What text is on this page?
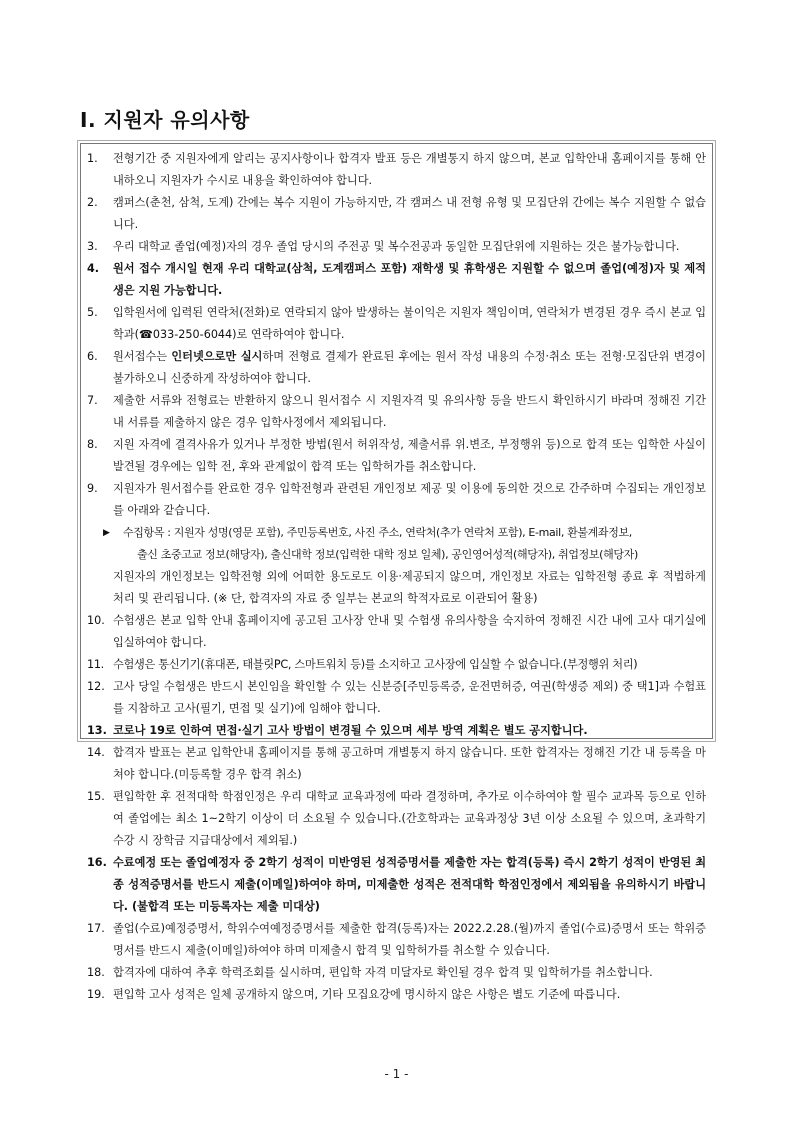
Ⅰ. 지원자 유의사항
1.	전형기간 중 지원자에게 알리는 공지사항이나 합격자 발표 등은 개별통지 하지 않으며, 본교 입학안내 홈페이지를 통해 안내하오니 지원자가 수시로 내용을 확인하여야 합니다.
2.	캠퍼스(춘천, 삼척, 도계) 간에는 복수 지원이 가능하지만, 각 캠퍼스 내 전형 유형 및 모집단위 간에는 복수 지원할 수 없습니다.
3.	우리 대학교 졸업(예정)자의 경우 졸업 당시의 주전공 및 복수전공과 동일한 모집단위에 지원하는 것은 불가능합니다.
4.	원서 접수 개시일 현재 우리 대학교(삼척, 도계캠퍼스 포함) 재학생 및 휴학생은 지원할 수 없으며 졸업(예정)자 및 제적생은 지원 가능합니다.
5.	입학원서에 입력된 연락처(전화)로 연락되지 않아 발생하는 불이익은 지원자 책임이며, 연락처가 변경된 경우 즉시 본교 입학과(☎033-250-6044)로 연락하여야 합니다.
6.	원서접수는 인터넷으로만 실시하며 전형료 결제가 완료된 후에는 원서 작성 내용의 수정·취소 또는 전형·모집단위 변경이 불가하오니 신중하게 작성하여야 합니다.
7.	제출한 서류와 전형료는 반환하지 않으니 원서접수 시 지원자격 및 유의사항 등을 반드시 확인하시기 바라며 정해진 기간 내 서류를 제출하지 않은 경우 입학사정에서 제외됩니다.
8.	지원 자격에 결격사유가 있거나 부정한 방법(원서 허위작성, 제출서류 위.변조, 부정행위 등)으로 합격 또는 입학한 사실이 발견될 경우에는 입학 전, 후와 관계없이 합격 또는 입학허가를 취소합니다.
9.	지원자가 원서접수를 완료한 경우 입학전형과 관련된 개인정보 제공 및 이용에 동의한 것으로 간주하며 수집되는 개인정보를 아래와 같습니다.
▶ 수집항목 : 지원자 성명(영문 포함), 주민등록번호, 사진 주소, 연락처(추가 연락처 포함), E-mail, 환불계좌정보,
출신 초중고교 정보(해당자), 출신대학 정보(입력한 대학 정보 일체), 공인영어성적(해당자), 취업정보(해당자)
지원자의 개인정보는 입학전형 외에 어떠한 용도로도 이용·제공되지 않으며, 개인정보 자료는 입학전형 종료 후 적법하게 처리 및 관리됩니다. (※ 단, 합격자의 자료 중 일부는 본교의 학적자료로 이관되어 활용)
10. 수험생은 본교 입학 안내 홈페이지에 공고된 고사장 안내 및 수험생 유의사항을 숙지하여 정해진 시간 내에 고사 대기실에 입실하여야 합니다.
11. 수험생은 통신기기(휴대폰, 태블릿PC, 스마트워치 등)를 소지하고 고사장에 입실할 수 없습니다.(부정행위 처리)
12. 고사 당일 수험생은 반드시 본인임을 확인할 수 있는 신분증[주민등록증, 운전면허증, 여권(학생증 제외) 중 택1]과 수험표를 지참하고 고사(필기, 면접 및 실기)에 임해야 합니다.
13. 코로나 19로 인하여 면접·실기 고사 방법이 변경될 수 있으며 세부 방역 계획은 별도 공지합니다.
14. 합격자 발표는 본교 입학안내 홈페이지를 통해 공고하며 개별통지 하지 않습니다. 또한 합격자는 정해진 기간 내 등록을 마쳐야 합니다.(미등록할 경우 합격 취소)
15. 편입학한 후 전적대학 학점인정은 우리 대학교 교육과정에 따라 결정하며, 추가로 이수하여야 할 필수 교과목 등으로 인하여 졸업에는 최소 1~2학기 이상이 더 소요될 수 있습니다.(간호학과는 교육과정상 3년 이상 소요될 수 있으며, 초과학기 수강 시 장학금 지급대상에서 제외됨.)
16. 수료예정 또는 졸업예정자 중 2학기 성적이 미반영된 성적증명서를 제출한 자는 합격(등록) 즉시 2학기 성적이 반영된 최종 성적증명서를 반드시 제출(이메일)하여야 하며, 미제출한 성적은 전적대학 학점인정에서 제외됨을 유의하시기 바랍니다. (불합격 또는 미등록자는 제출 미대상)
17. 졸업(수료)예정증명서, 학위수여예정증명서를 제출한 합격(등록)자는 2022.2.28.(월)까지 졸업(수료)증명서 또는 학위증명서를 반드시 제출(이메일)하여야 하며 미제출시 합격 및 입학허가를 취소할 수 있습니다.
18. 합격자에 대하여 추후 학력조회를 실시하며, 편입학 자격 미달자로 확인될 경우 합격 및 입학허가를 취소합니다.
19. 편입학 고사 성적은 일체 공개하지 않으며, 기타 모집요강에 명시하지 않은 사항은 별도 기준에 따릅니다.
- 1 -
